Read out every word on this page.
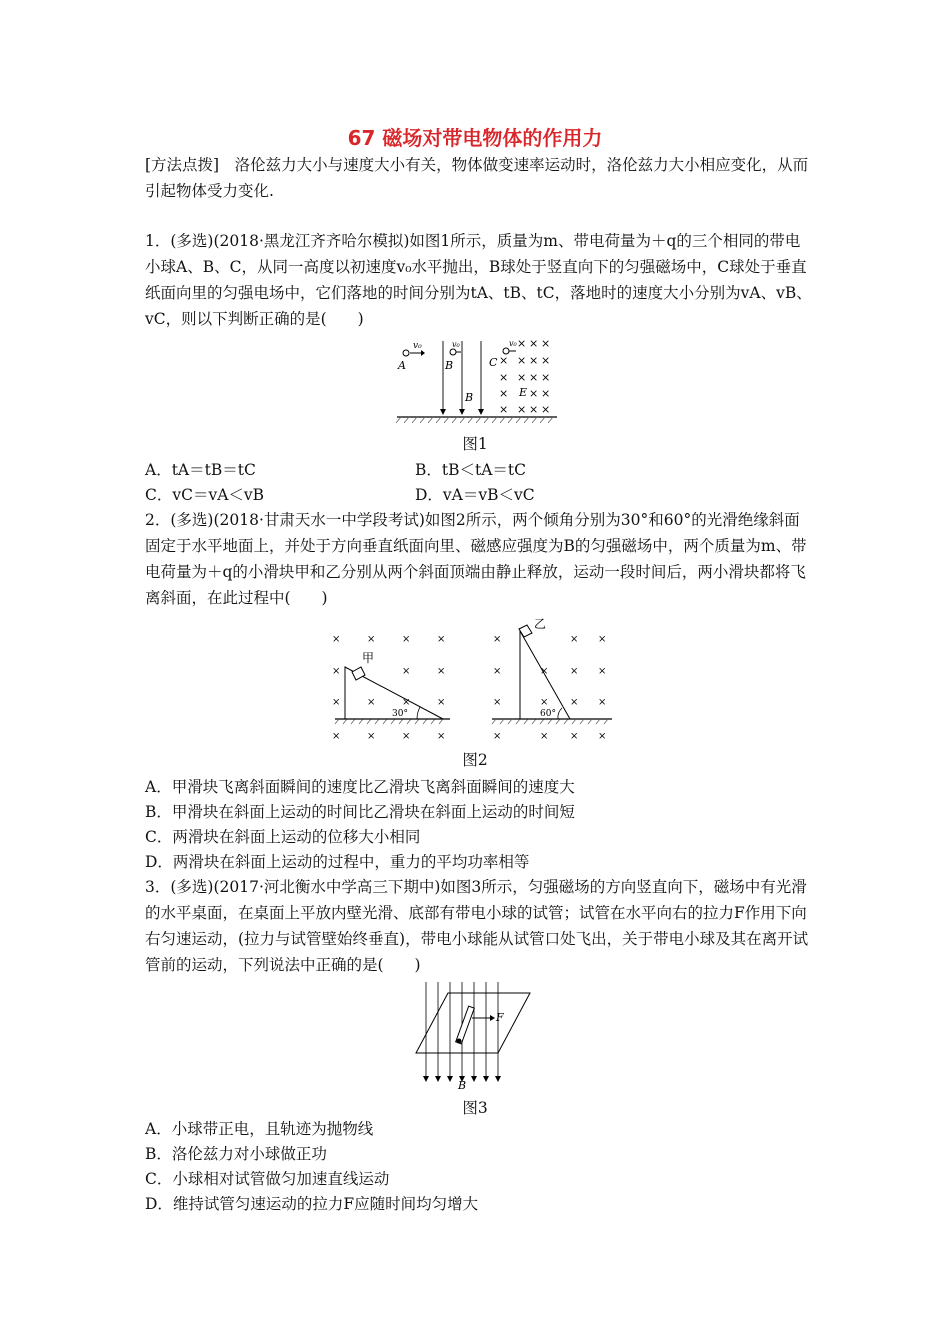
67 磁场对带电物体的作用力
[方法点拨]　洛伦兹力大小与速度大小有关，物体做变速率运动时，洛伦兹力大小相应变化，从而引起物体受力变化.
1．(多选)(2018·黑龙江齐齐哈尔模拟)如图1所示，质量为m、带电荷量为＋q的三个相同的带电小球A、B、C，从同一高度以初速度v₀水平抛出，B球处于竖直向下的匀强磁场中，C球处于垂直纸面向里的匀强电场中，它们落地的时间分别为tA、tB、tC，落地时的速度大小分别为vA、vB、vC，则以下判断正确的是(　　)
v₀
A
v₀
B
B
C
v₀ × × ×
× × × ×
× × × ×
× × ×
× × × ×
E
图1
A．tA＝tB＝tC	B．tB＜tA＝tC
C．vC＝vA＜vB	D．vA＝vB＜vC
2．(多选)(2018·甘肃天水一中学段考试)如图2所示，两个倾角分别为30°和60°的光滑绝缘斜面固定于水平地面上，并处于方向垂直纸面向里、磁感应强度为B的匀强磁场中，两个质量为m、带电荷量为＋q的小滑块甲和乙分别从两个斜面顶端由静止释放，运动一段时间后，两小滑块都将飞离斜面，在此过程中(　　)
×	×	×	×
×	×	×
×	×	×	×
×	×	×	×
甲
30°
×	× ×
×	× × ×
×	× × ×
×	× × ×
乙
60°
图2
A．甲滑块飞离斜面瞬间的速度比乙滑块飞离斜面瞬间的速度大
B．甲滑块在斜面上运动的时间比乙滑块在斜面上运动的时间短
C．两滑块在斜面上运动的位移大小相同
D．两滑块在斜面上运动的过程中，重力的平均功率相等
3．(多选)(2017·河北衡水中学高三下期中)如图3所示，匀强磁场的方向竖直向下，磁场中有光滑的水平桌面，在桌面上平放内壁光滑、底部有带电小球的试管；试管在水平向右的拉力F作用下向右匀速运动，(拉力与试管壁始终垂直)，带电小球能从试管口处飞出，关于带电小球及其在离开试管前的运动，下列说法中正确的是(　　)
F
B
图3
A．小球带正电，且轨迹为抛物线
B．洛伦兹力对小球做正功
C．小球相对试管做匀加速直线运动
D．维持试管匀速运动的拉力F应随时间均匀增大
